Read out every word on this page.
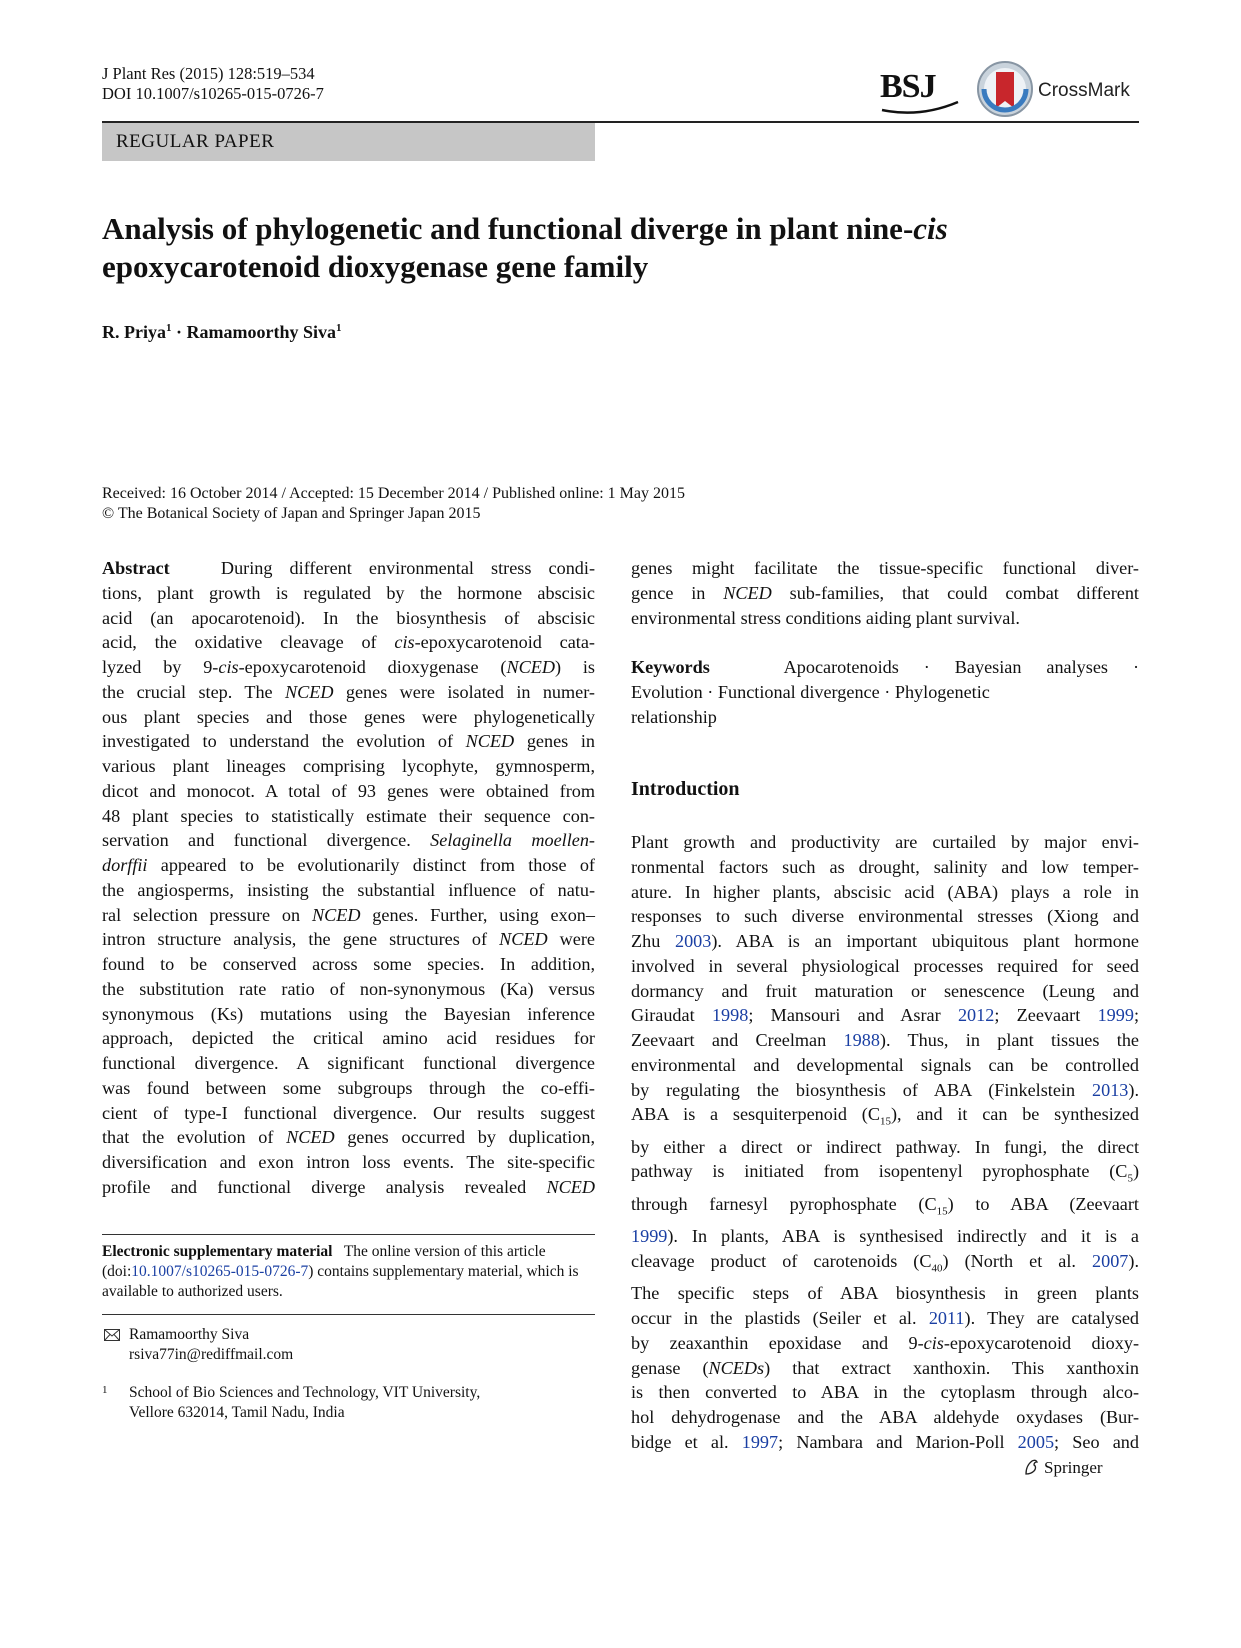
J Plant Res (2015) 128:519–534
DOI 10.1007/s10265-015-0726-7	BSJ	CrossMark
REGULAR PAPER
Analysis of phylogenetic and functional diverge in plant nine-cis
epoxycarotenoid dioxygenase gene family
R. Priya$^1$ · Ramamoorthy Siva$^1$
Received: 16 October 2014 / Accepted: 15 December 2014 / Published online: 1 May 2015
© The Botanical Society of Japan and Springer Japan 2015
Abstract   During different environmental stress condi-
tions, plant growth is regulated by the hormone abscisic
acid (an apocarotenoid). In the biosynthesis of abscisic
acid, the oxidative cleavage of cis-epoxycarotenoid cata-
lyzed by 9-cis-epoxycarotenoid dioxygenase (NCED) is
the crucial step. The NCED genes were isolated in numer-
ous plant species and those genes were phylogenetically
investigated to understand the evolution of NCED genes in
various plant lineages comprising lycophyte, gymnosperm,
dicot and monocot. A total of 93 genes were obtained from
48 plant species to statistically estimate their sequence con-
servation and functional divergence. Selaginella moellen-
dorffii appeared to be evolutionarily distinct from those of
the angiosperms, insisting the substantial influence of natu-
ral selection pressure on NCED genes. Further, using exon–
intron structure analysis, the gene structures of NCED were
found to be conserved across some species. In addition,
the substitution rate ratio of non-synonymous (Ka) versus
synonymous (Ks) mutations using the Bayesian inference
approach, depicted the critical amino acid residues for
functional divergence. A significant functional divergence
was found between some subgroups through the co-effi-
cient of type-I functional divergence. Our results suggest
that the evolution of NCED genes occurred by duplication,
diversification and exon intron loss events. The site-specific
profile and functional diverge analysis revealed NCED
genes might facilitate the tissue-specific functional diver-
gence in NCED sub-families, that could combat different
environmental stress conditions aiding plant survival.
Keywords	Apocarotenoids · Bayesian analyses ·
Evolution · Functional divergence · Phylogenetic
relationship
Introduction
Plant growth and productivity are curtailed by major envi-
ronmental factors such as drought, salinity and low temper-
ature. In higher plants, abscisic acid (ABA) plays a role in
responses to such diverse environmental stresses (Xiong and
Zhu 2003). ABA is an important ubiquitous plant hormone
involved in several physiological processes required for seed
dormancy and fruit maturation or senescence (Leung and
Giraudat 1998; Mansouri and Asrar 2012; Zeevaart 1999;
Zeevaart and Creelman 1988). Thus, in plant tissues the
environmental and developmental signals can be controlled
by regulating the biosynthesis of ABA (Finkelstein 2013).
ABA is a sesquiterpenoid $(C_{15})$, and it can be synthesized
by either a direct or indirect pathway. In fungi, the direct
pathway is initiated from isopentenyl pyrophosphate $(C_5)$
through farnesyl pyrophosphate $(C_{15})$ to ABA (Zeevaart
1999). In plants, ABA is synthesised indirectly and it is a
cleavage product of carotenoids $(C_{40})$ (North et al. 2007).
The specific steps of ABA biosynthesis in green plants
occur in the plastids (Seiler et al. 2011). They are catalysed
by zeaxanthin epoxidase and 9-cis-epoxycarotenoid dioxy-
genase (NCEDs) that extract xanthoxin. This xanthoxin
is then converted to ABA in the cytoplasm through alco-
hol dehydrogenase and the ABA aldehyde oxydases (Bur-
bidge et al. 1997; Nambara and Marion-Poll 2005; Seo and
Electronic supplementary material The online version of this article (doi:10.1007/s10265-015-0726-7) contains supplementary material, which is available to authorized users.
Ramamoorthy Siva
rsiva77in@rediffmail.com
1 School of Bio Sciences and Technology, VIT University,
Vellore 632014, Tamil Nadu, India
Springer
